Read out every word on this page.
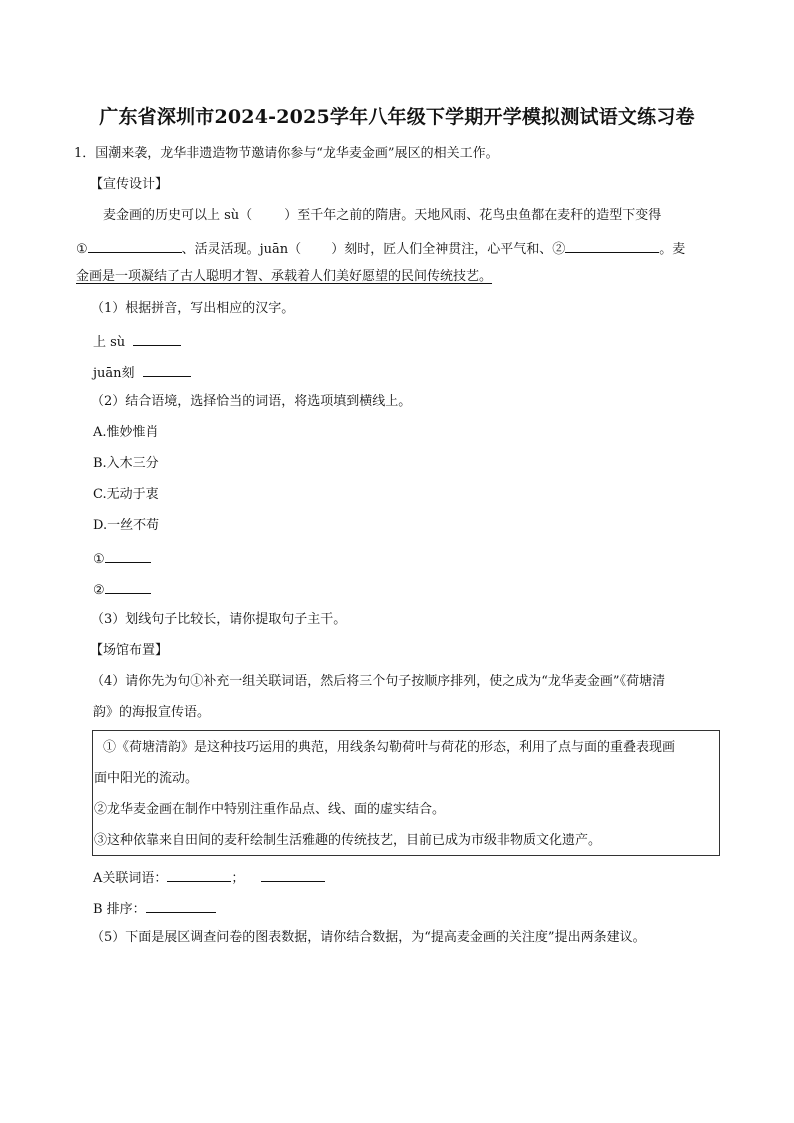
广东省深圳市2024-2025学年八年级下学期开学模拟测试语文练习卷
1．国潮来袭，龙华非遗造物节邀请你参与“龙华麦金画”展区的相关工作。
【宣传设计】
麦金画的历史可以上 sù（ ）至千年之前的隋唐。天地风雨、花鸟虫鱼都在麦秆的造型下变得
①	、活灵活现。juān（ ）刻时，匠人们全神贯注，心平气和、②	。麦
金画是一项凝结了古人聪明才智、承载着人们美好愿望的民间传统技艺。
（1）根据拼音，写出相应的汉字。
上 sù
juān刻
（2）结合语境，选择恰当的词语，将选项填到横线上。
A.惟妙惟肖
B.入木三分
C.无动于衷
D.一丝不苟
①
②
（3）划线句子比较长，请你提取句子主干。
【场馆布置】
（4）请你先为句①补充一组关联词语，然后将三个句子按顺序排列，使之成为“龙华麦金画”《荷塘清
韵》的海报宣传语。
①《荷塘清韵》是这种技巧运用的典范，用线条勾勒荷叶与荷花的形态，利用了点与面的重叠表现画
面中阳光的流动。
②龙华麦金画在制作中特别注重作品点、线、面的虚实结合。
③这种依靠来自田间的麦秆绘制生活雅趣的传统技艺，目前已成为市级非物质文化遗产。
A关联词语：	；
B 排序：
（5）下面是展区调查问卷的图表数据，请你结合数据，为“提高麦金画的关注度”提出两条建议。
